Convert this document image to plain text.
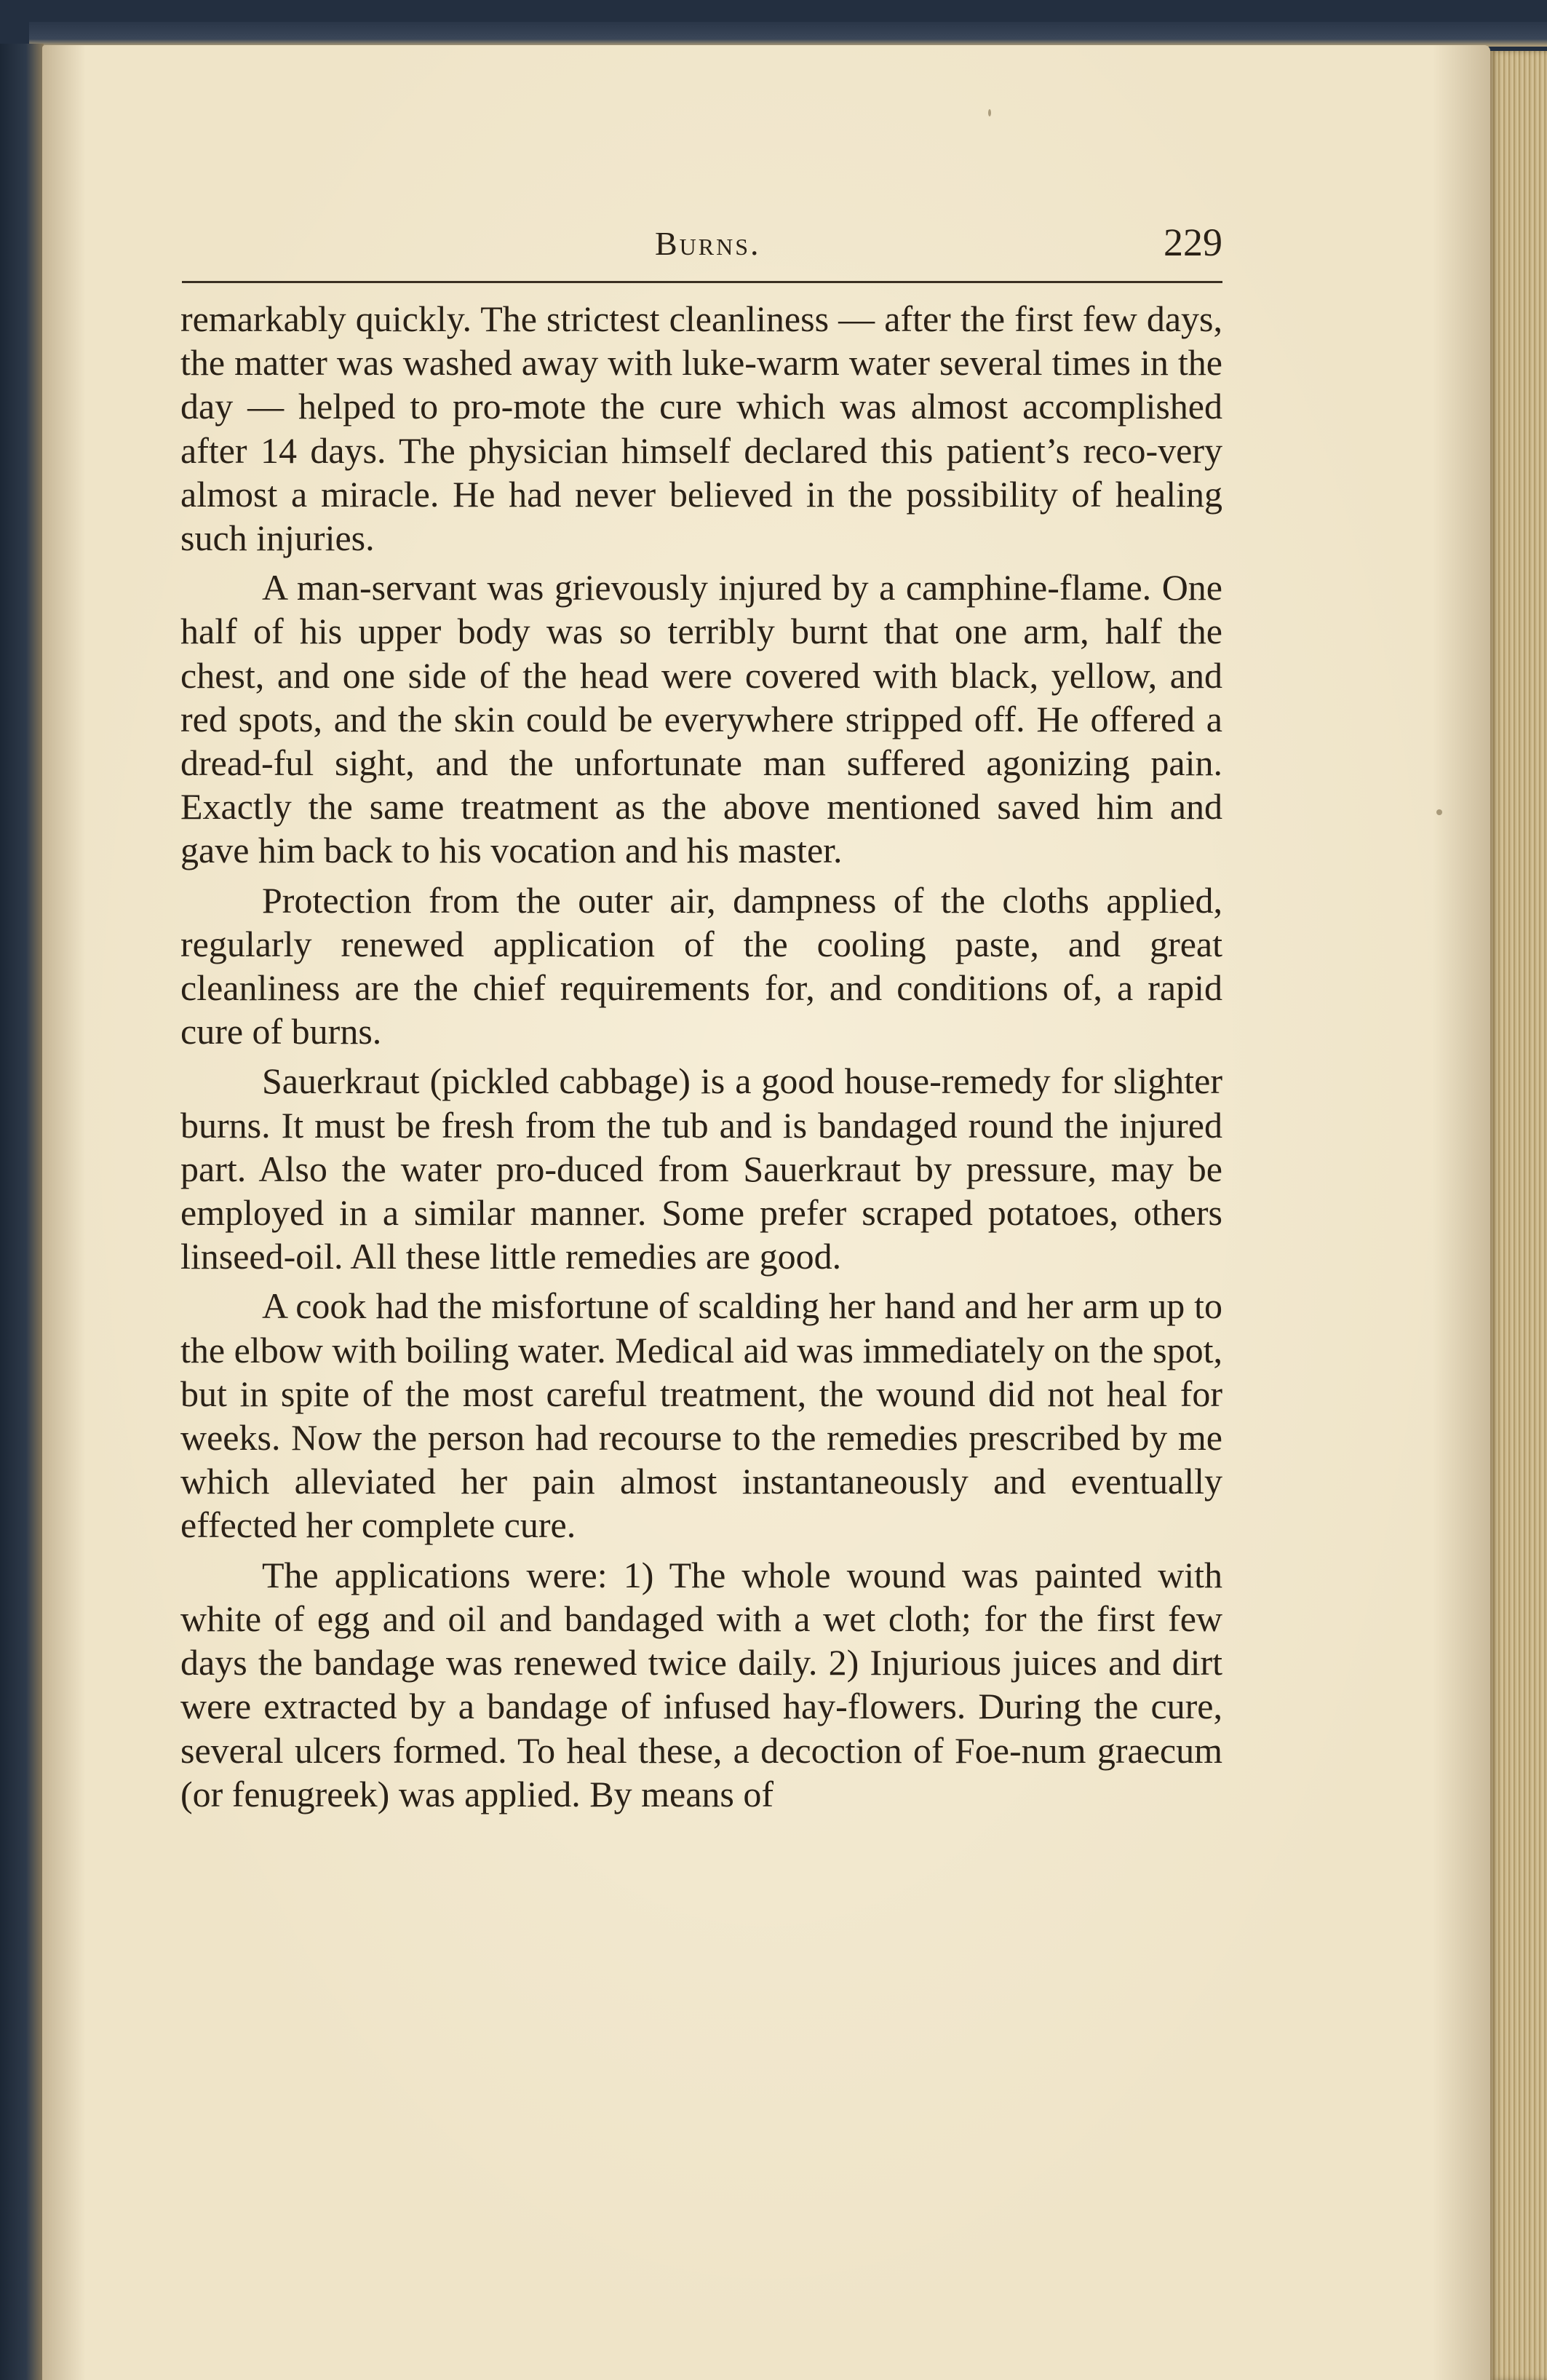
Burns.	229

remarkably quickly. The strictest cleanliness — after the first few days, the matter was washed away with luke-warm water several times in the day — helped to pro-mote the cure which was almost accomplished after 14 days. The physician himself declared this patient’s reco-very almost a miracle. He had never believed in the possibility of healing such injuries.

A man-servant was grievously injured by a camphine-flame. One half of his upper body was so terribly burnt that one arm, half the chest, and one side of the head were covered with black, yellow, and red spots, and the skin could be everywhere stripped off. He offered a dread-ful sight, and the unfortunate man suffered agonizing pain. Exactly the same treatment as the above mentioned saved him and gave him back to his vocation and his master.

Protection from the outer air, dampness of the cloths applied, regularly renewed application of the cooling paste, and great cleanliness are the chief requirements for, and conditions of, a rapid cure of burns.

Sauerkraut (pickled cabbage) is a good house-remedy for slighter burns. It must be fresh from the tub and is bandaged round the injured part. Also the water pro-duced from Sauerkraut by pressure, may be employed in a similar manner. Some prefer scraped potatoes, others linseed-oil. All these little remedies are good.

A cook had the misfortune of scalding her hand and her arm up to the elbow with boiling water. Medical aid was immediately on the spot, but in spite of the most careful treatment, the wound did not heal for weeks. Now the person had recourse to the remedies prescribed by me which alleviated her pain almost instantaneously and eventually effected her complete cure.

The applications were: 1) The whole wound was painted with white of egg and oil and bandaged with a wet cloth; for the first few days the bandage was renewed twice daily. 2) Injurious juices and dirt were extracted by a bandage of infused hay-flowers. During the cure, several ulcers formed. To heal these, a decoction of Foe-num graecum (or fenugreek) was applied. By means of
